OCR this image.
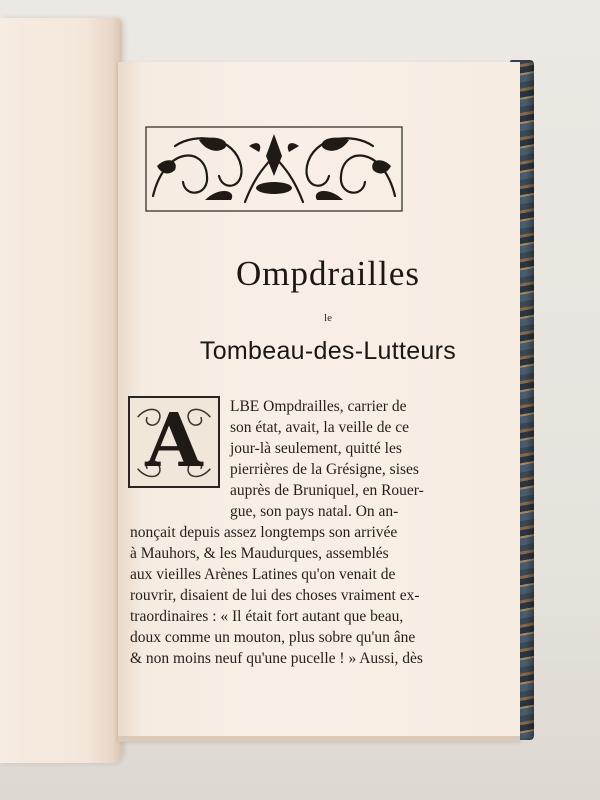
Ompdrailles
le
Tombeau-des-Lutteurs
A	LBE Ompdrailles, carrier de
son état, avait, la veille de ce
jour-là seulement, quitté les
pierrières de la Grésigne, sises
auprès de Bruniquel, en Rouer-
gue, son pays natal. On an-
nonçait depuis assez longtemps son arrivée
à Mauhors, & les Maudurques, assemblés
aux vieilles Arènes Latines qu'on venait de
rouvrir, disaient de lui des choses vraiment ex-
traordinaires : « Il était fort autant que beau,
doux comme un mouton, plus sobre qu'un âne
& non moins neuf qu'une pucelle ! » Aussi, dès
